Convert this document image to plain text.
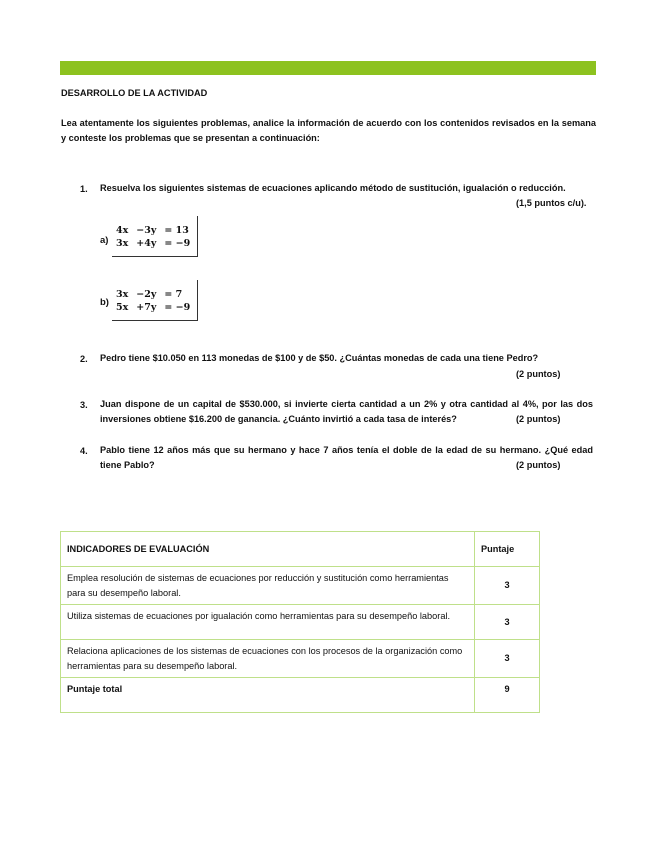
DESARROLLO DE LA ACTIVIDAD
Lea atentamente los siguientes problemas, analice la información de acuerdo con los contenidos revisados en la semana y conteste los problemas que se presentan a continuación:
1. Resuelva los siguientes sistemas de ecuaciones aplicando método de sustitución, igualación o reducción.
(1,5 puntos c/u).
a)
4x	−3y	= 13
3x	+4y	= −9
b)
3x	−2y	= 7
5x	+7y	= −9
2. Pedro tiene $10.050 en 113 monedas de $100 y de $50. ¿Cuántas monedas de cada una tiene Pedro?
(2 puntos)
3. Juan dispone de un capital de $530.000, si invierte cierta cantidad a un 2% y otra cantidad al 4%, por las dos inversiones obtiene $16.200 de ganancia. ¿Cuánto invirtió a cada tasa de interés?	(2 puntos)
4. Pablo tiene 12 años más que su hermano y hace 7 años tenía el doble de la edad de su hermano. ¿Qué edad tiene Pablo?	(2 puntos)
INDICADORES DE EVALUACIÓN	Puntaje
Emplea resolución de sistemas de ecuaciones por reducción y sustitución como herramientas para su desempeño laboral.	3
Utiliza sistemas de ecuaciones por igualación como herramientas para su desempeño laboral.	3
Relaciona aplicaciones de los sistemas de ecuaciones con los procesos de la organización como herramientas para su desempeño laboral.	3
Puntaje total	9
